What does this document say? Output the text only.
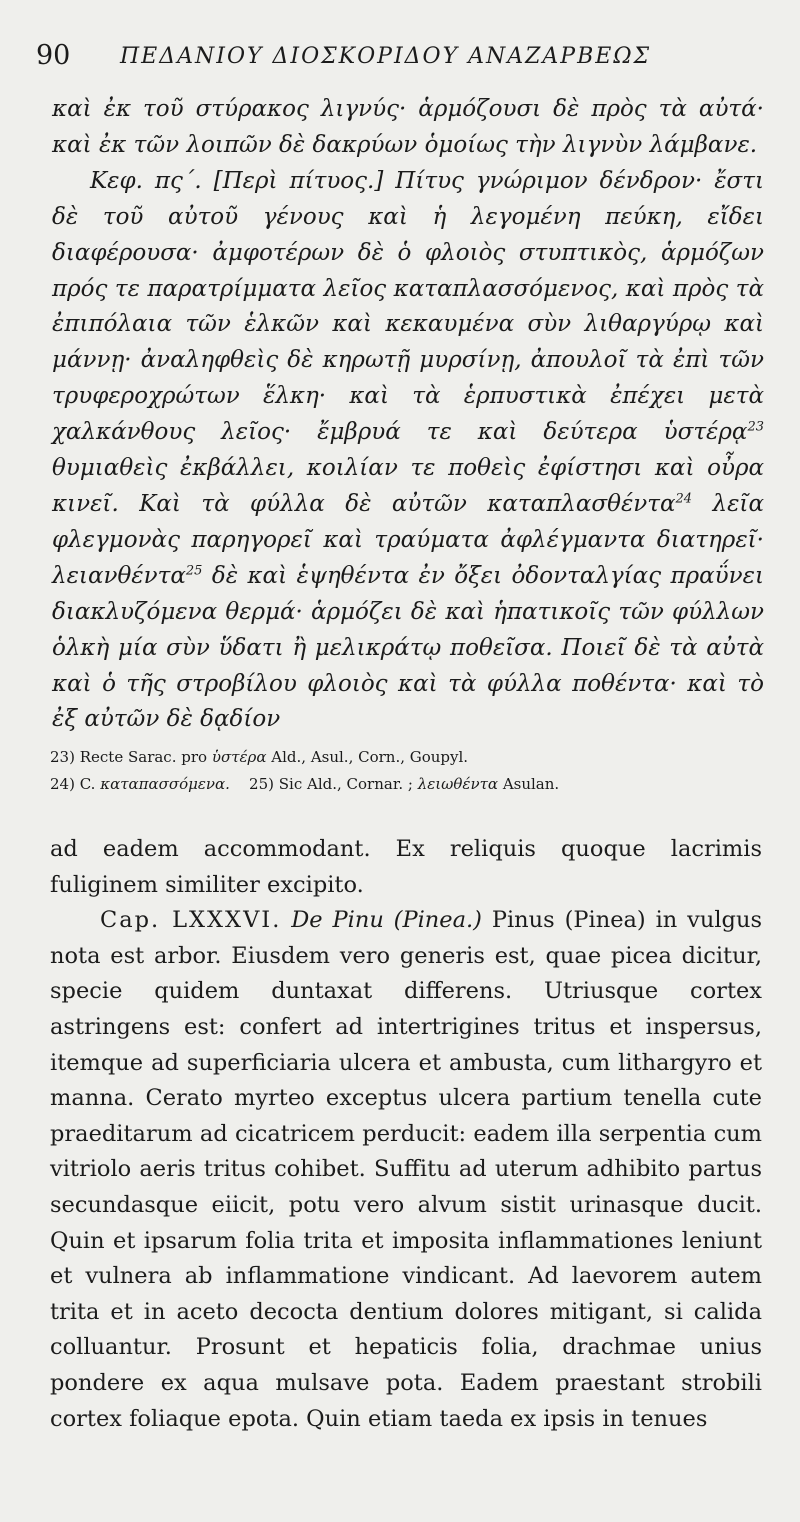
90 ΠΕΔΑΝΙΟΥ ΔΙΟΣΚΟΡΙΔΟΥ ΑΝΑΖΑΡΒΕΩΣ

καὶ ἐκ τοῦ στύρακος λιγνύς· ἁρμόζουσι δὲ πρὸς τὰ αὐτά· καὶ ἐκ τῶν λοιπῶν δὲ δακρύων ὁμοίως τὴν λιγνὺν λάμβανε.

Κεφ. πς΄. [Περὶ πίτυος.] Πίτυς γνώριμον δένδρον· ἔστι δὲ τοῦ αὐτοῦ γένους καὶ ἡ λεγομένη πεύκη, εἴδει διαφέρουσα· ἀμφοτέρων δὲ ὁ φλοιὸς στυπτικὸς, ἁρμόζων πρός τε παρατρίμματα λεῖος καταπλασσόμενος, καὶ πρὸς τὰ ἐπιπόλαια τῶν ἑλκῶν καὶ κεκαυμένα σὺν λιθαργύρῳ καὶ μάννῃ· ἀναληφθεὶς δὲ κηρωτῇ μυρσίνῃ, ἀπουλοῖ τὰ ἐπὶ τῶν τρυφεροχρώτων ἕλκη· καὶ τὰ ἑρπυστικὰ ἐπέχει μετὰ χαλκάνθους λεῖος· ἔμβρυά τε καὶ δεύτερα ὑστέρᾳ$^{23}$ θυμιαθεὶς ἐκβάλλει, κοιλίαν τε ποθεὶς ἐφίστησι καὶ οὖρα κινεῖ. Καὶ τὰ φύλλα δὲ αὐτῶν καταπλασθέντα$^{24}$ λεῖα φλεγμονὰς παρηγορεῖ καὶ τραύματα ἀφλέγμαντα διατηρεῖ· λειανθέντα$^{25}$ δὲ καὶ ἑψηθέντα ἐν ὄξει ὀδονταλγίας πραΰνει διακλυζόμενα θερμά· ἁρμόζει δὲ καὶ ἡπατικοῖς τῶν φύλλων ὁλκὴ μία σὺν ὕδατι ἢ μελικράτῳ ποθεῖσα. Ποιεῖ δὲ τὰ αὐτὰ καὶ ὁ τῆς στροβίλου φλοιὸς καὶ τὰ φύλλα ποθέντα· καὶ τὸ ἐξ αὐτῶν δὲ δᾳδίον

23) Recte Sarac. pro ὑστέρα Ald., Asul., Corn., Goupyl.
24) C. καταπασσόμενα. 25) Sic Ald., Cornar. ; λειωθέντα Asulan.

ad eadem accommodant. Ex reliquis quoque lacrimis fuliginem similiter excipito.

Cap. LXXXVI. De Pinu (Pinea.) Pinus (Pinea) in vulgus nota est arbor. Eiusdem vero generis est, quae picea dicitur, specie quidem duntaxat differens. Utriusque cortex astringens est: confert ad intertrigines tritus et inspersus, itemque ad superficiaria ulcera et ambusta, cum lithargyro et manna. Cerato myrteo exceptus ulcera partium tenella cute praeditarum ad cicatricem perducit: eadem illa serpentia cum vitriolo aeris tritus cohibet. Suffitu ad uterum adhibito partus secundasque eiicit, potu vero alvum sistit urinasque ducit. Quin et ipsarum folia trita et imposita inflammationes leniunt et vulnera ab inflammatione vindicant. Ad laevorem autem trita et in aceto decocta dentium dolores mitigant, si calida colluantur. Prosunt et hepaticis folia, drachmae unius pondere ex aqua mulsave pota. Eadem praestant strobili cortex foliaque epota. Quin etiam taeda ex ipsis in tenues
